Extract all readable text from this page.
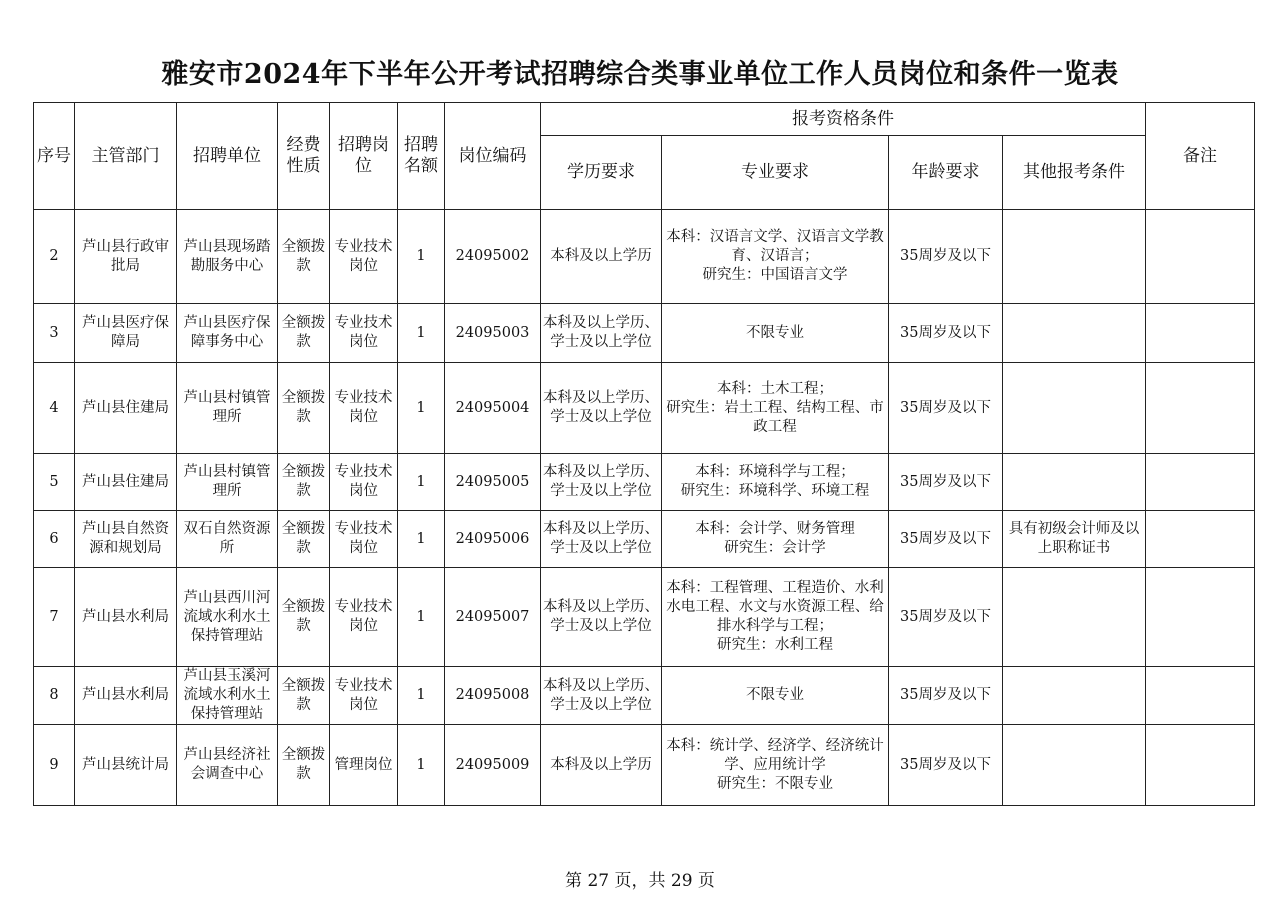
雅安市2024年下半年公开考试招聘综合类事业单位工作人员岗位和条件一览表
序号	主管部门	招聘单位	经费性质	招聘岗位	招聘名额	岗位编码	报考资格条件				备注
							学历要求	专业要求	年龄要求	其他报考条件	
2	芦山县行政审批局	芦山县现场踏勘服务中心	全额拨款	专业技术岗位	1	24095002	本科及以上学历	本科：汉语言文学、汉语言文学教育、汉语言；
研究生：中国语言文学	35周岁及以下		
3	芦山县医疗保障局	芦山县医疗保障事务中心	全额拨款	专业技术岗位	1	24095003	本科及以上学历、学士及以上学位	不限专业	35周岁及以下		
4	芦山县住建局	芦山县村镇管理所	全额拨款	专业技术岗位	1	24095004	本科及以上学历、学士及以上学位	本科：土木工程；
研究生：岩土工程、结构工程、市政工程	35周岁及以下		
5	芦山县住建局	芦山县村镇管理所	全额拨款	专业技术岗位	1	24095005	本科及以上学历、学士及以上学位	本科：环境科学与工程；
研究生：环境科学、环境工程	35周岁及以下		
6	芦山县自然资源和规划局	双石自然资源所	全额拨款	专业技术岗位	1	24095006	本科及以上学历、学士及以上学位	本科：会计学、财务管理
研究生：会计学	35周岁及以下	具有初级会计师及以上职称证书	
7	芦山县水利局	芦山县西川河流域水利水土保持管理站	全额拨款	专业技术岗位	1	24095007	本科及以上学历、学士及以上学位	本科：工程管理、工程造价、水利水电工程、水文与水资源工程、给排水科学与工程；
研究生：水利工程	35周岁及以下		
8	芦山县水利局	芦山县玉溪河流域水利水土保持管理站	全额拨款	专业技术岗位	1	24095008	本科及以上学历、学士及以上学位	不限专业	35周岁及以下		
9	芦山县统计局	芦山县经济社会调查中心	全额拨款	管理岗位	1	24095009	本科及以上学历	本科：统计学、经济学、经济统计学、应用统计学
研究生：不限专业	35周岁及以下		
第 27 页，共 29 页
